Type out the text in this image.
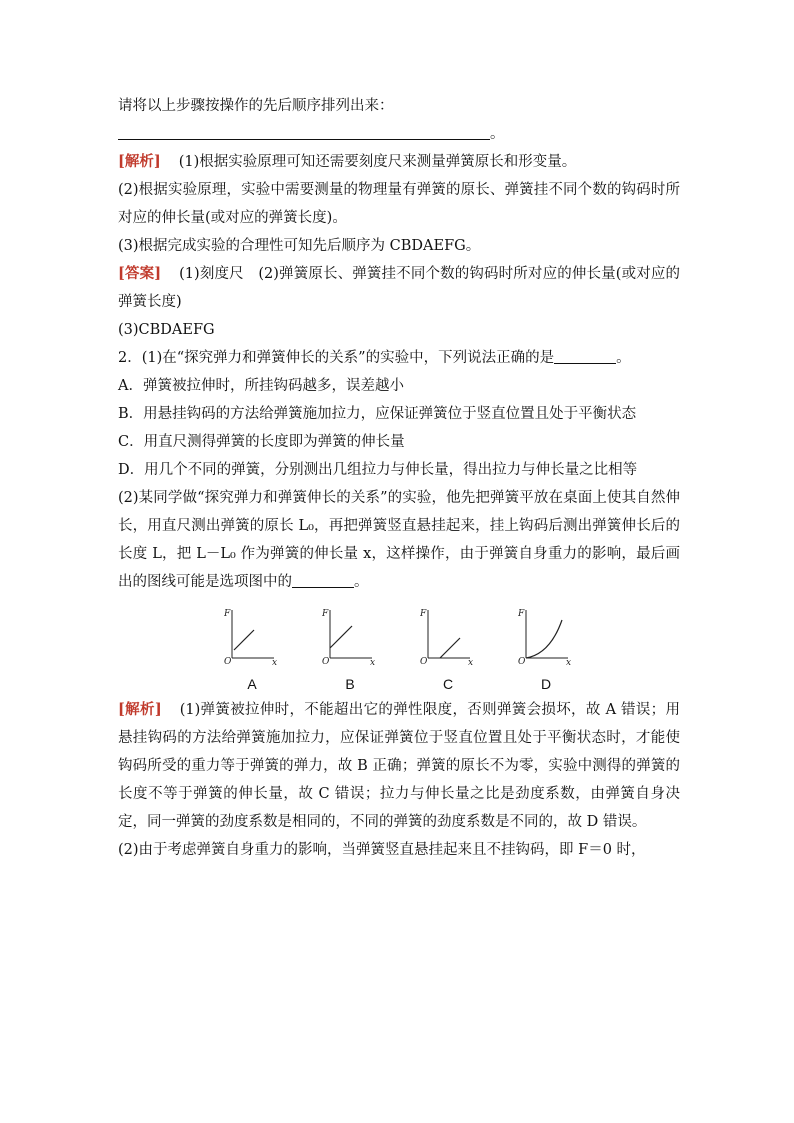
请将以上步骤按操作的先后顺序排列出来：

。

[解析] (1)根据实验原理可知还需要刻度尺来测量弹簧原长和形变量。

(2)根据实验原理，实验中需要测量的物理量有弹簧的原长、弹簧挂不同个数的钩码时所对应的伸长量(或对应的弹簧长度)。

(3)根据完成实验的合理性可知先后顺序为 CBDAEFG。

[答案] (1)刻度尺　(2)弹簧原长、弹簧挂不同个数的钩码时所对应的伸长量(或对应的弹簧长度)

(3)CBDAEFG

2．(1)在“探究弹力和弹簧伸长的关系”的实验中，下列说法正确的是	。

A．弹簧被拉伸时，所挂钩码越多，误差越小

B．用悬挂钩码的方法给弹簧施加拉力，应保证弹簧位于竖直位置且处于平衡状态

C．用直尺测得弹簧的长度即为弹簧的伸长量

D．用几个不同的弹簧，分别测出几组拉力与伸长量，得出拉力与伸长量之比相等

(2)某同学做“探究弹力和弹簧伸长的关系”的实验，他先把弹簧平放在桌面上使其自然伸长，用直尺测出弹簧的原长 L₀，再把弹簧竖直悬挂起来，挂上钩码后测出弹簧伸长后的长度 L，把 L－L₀ 作为弹簧的伸长量 x，这样操作，由于弹簧自身重力的影响，最后画出的图线可能是选项图中的	。

F
O	x
A
F
O	x
B
F
O	x
C
F
O	x
D

[解析] (1)弹簧被拉伸时，不能超出它的弹性限度，否则弹簧会损坏，故 A 错误；用悬挂钩码的方法给弹簧施加拉力，应保证弹簧位于竖直位置且处于平衡状态时，才能使钩码所受的重力等于弹簧的弹力，故 B 正确；弹簧的原长不为零，实验中测得的弹簧的长度不等于弹簧的伸长量，故 C 错误；拉力与伸长量之比是劲度系数，由弹簧自身决定，同一弹簧的劲度系数是相同的，不同的弹簧的劲度系数是不同的，故 D 错误。

(2)由于考虑弹簧自身重力的影响，当弹簧竖直悬挂起来且不挂钩码，即 F＝0 时，
